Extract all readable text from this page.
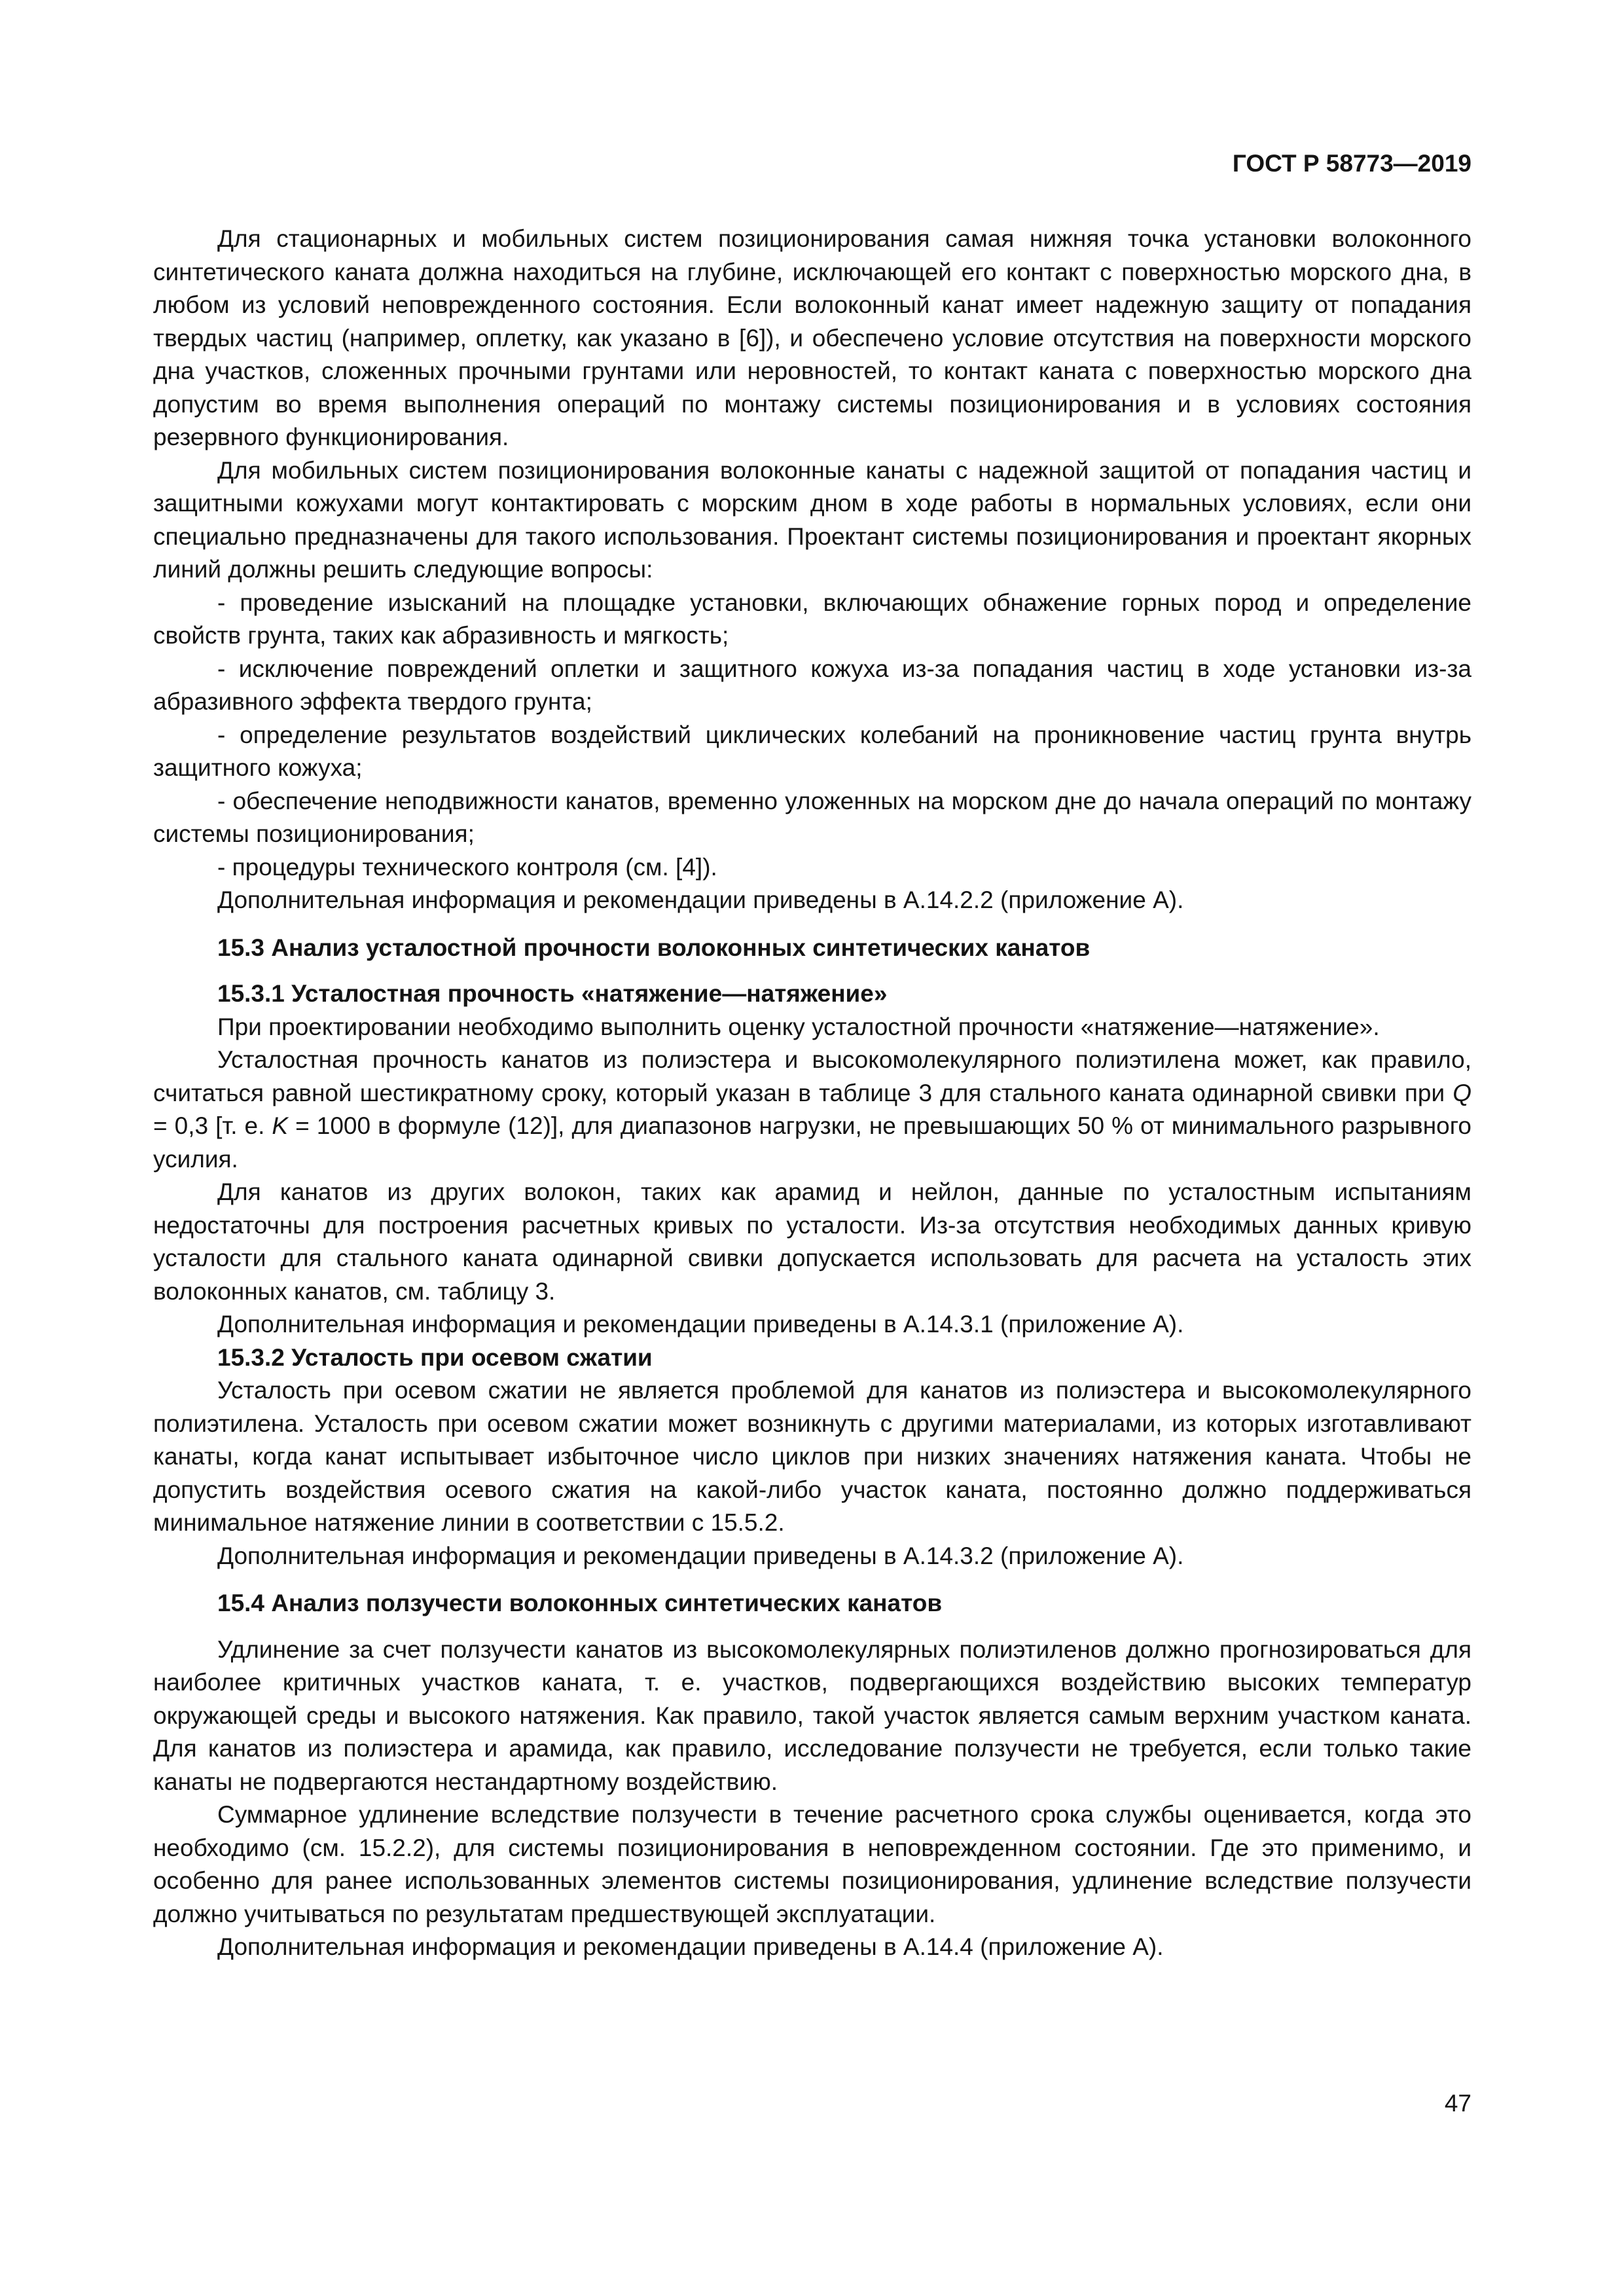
ГОСТ Р 58773—2019

Для стационарных и мобильных систем позиционирования самая нижняя точка установки волоконного синтетического каната должна находиться на глубине, исключающей его контакт с поверхностью морского дна, в любом из условий неповрежденного состояния. Если волоконный канат имеет надежную защиту от попадания твердых частиц (например, оплетку, как указано в [6]), и обеспечено условие отсутствия на поверхности морского дна участков, сложенных прочными грунтами или неровностей, то контакт каната с поверхностью морского дна допустим во время выполнения операций по монтажу системы позиционирования и в условиях состояния резервного функционирования.

Для мобильных систем позиционирования волоконные канаты с надежной защитой от попадания частиц и защитными кожухами могут контактировать с морским дном в ходе работы в нормальных условиях, если они специально предназначены для такого использования. Проектант системы позиционирования и проектант якорных линий должны решить следующие вопросы:

- проведение изысканий на площадке установки, включающих обнажение горных пород и определение свойств грунта, таких как абразивность и мягкость;

- исключение повреждений оплетки и защитного кожуха из-за попадания частиц в ходе установки из-за абразивного эффекта твердого грунта;

- определение результатов воздействий циклических колебаний на проникновение частиц грунта внутрь защитного кожуха;

- обеспечение неподвижности канатов, временно уложенных на морском дне до начала операций по монтажу системы позиционирования;

- процедуры технического контроля (см. [4]).

Дополнительная информация и рекомендации приведены в А.14.2.2 (приложение А).

15.3 Анализ усталостной прочности волоконных синтетических канатов
15.3.1 Усталостная прочность «натяжение—натяжение»

При проектировании необходимо выполнить оценку усталостной прочности «натяжение—натяжение».

Усталостная прочность канатов из полиэстера и высокомолекулярного полиэтилена может, как правило, считаться равной шестикратному сроку, который указан в таблице 3 для стального каната одинарной свивки при Q = 0,3 [т. е. K = 1000 в формуле (12)], для диапазонов нагрузки, не превышающих 50 % от минимального разрывного усилия.

Для канатов из других волокон, таких как арамид и нейлон, данные по усталостным испытаниям недостаточны для построения расчетных кривых по усталости. Из-за отсутствия необходимых данных кривую усталости для стального каната одинарной свивки допускается использовать для расчета на усталость этих волоконных канатов, см. таблицу 3.

Дополнительная информация и рекомендации приведены в А.14.3.1 (приложение А).

15.3.2 Усталость при осевом сжатии

Усталость при осевом сжатии не является проблемой для канатов из полиэстера и высокомолекулярного полиэтилена. Усталость при осевом сжатии может возникнуть с другими материалами, из которых изготавливают канаты, когда канат испытывает избыточное число циклов при низких значениях натяжения каната. Чтобы не допустить воздействия осевого сжатия на какой-либо участок каната, постоянно должно поддерживаться минимальное натяжение линии в соответствии с 15.5.2.

Дополнительная информация и рекомендации приведены в А.14.3.2 (приложение А).

15.4 Анализ ползучести волоконных синтетических канатов

Удлинение за счет ползучести канатов из высокомолекулярных полиэтиленов должно прогнозироваться для наиболее критичных участков каната, т. е. участков, подвергающихся воздействию высоких температур окружающей среды и высокого натяжения. Как правило, такой участок является самым верхним участком каната. Для канатов из полиэстера и арамида, как правило, исследование ползучести не требуется, если только такие канаты не подвергаются нестандартному воздействию.

Суммарное удлинение вследствие ползучести в течение расчетного срока службы оценивается, когда это необходимо (см. 15.2.2), для системы позиционирования в неповрежденном состоянии. Где это применимо, и особенно для ранее использованных элементов системы позиционирования, удлинение вследствие ползучести должно учитываться по результатам предшествующей эксплуатации.

Дополнительная информация и рекомендации приведены в А.14.4 (приложение А).

47
